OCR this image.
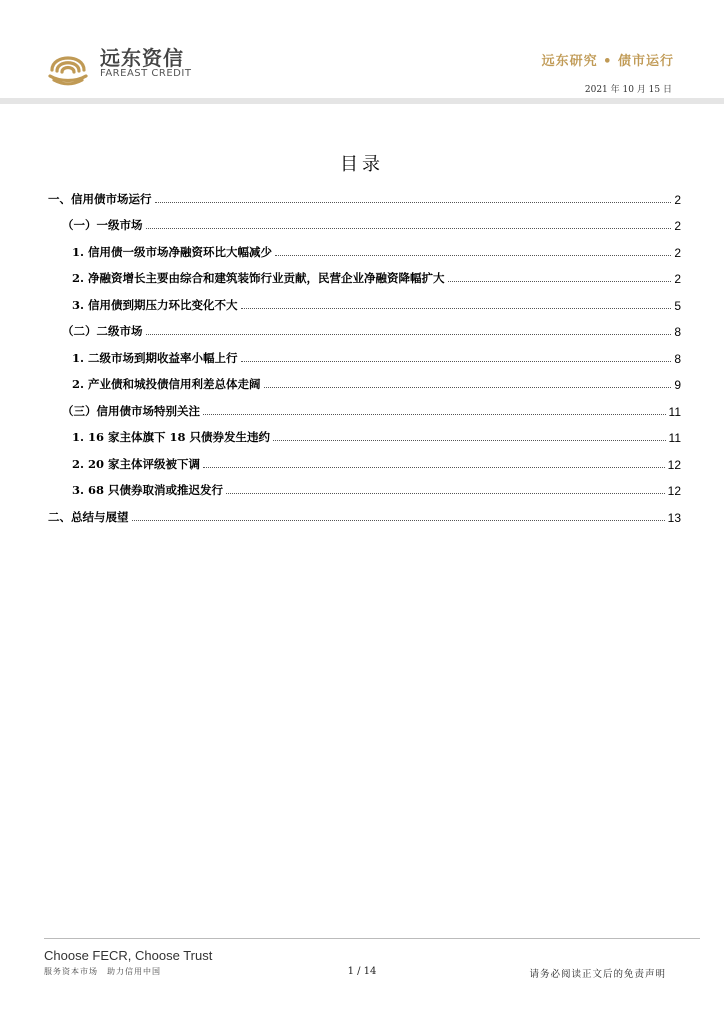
远东资信
FAREAST CREDIT
远东研究 • 债市运行
2021 年 10 月 15 日
目录
一、信用债市场运行	2
（一）一级市场	2
1. 信用债一级市场净融资环比大幅减少	2
2. 净融资增长主要由综合和建筑装饰行业贡献，民营企业净融资降幅扩大	2
3. 信用债到期压力环比变化不大	5
（二）二级市场	8
1. 二级市场到期收益率小幅上行	8
2. 产业债和城投债信用利差总体走阔	9
（三）信用债市场特别关注	11
1. 16 家主体旗下 18 只债券发生违约	11
2. 20 家主体评级被下调	12
3. 68 只债券取消或推迟发行	12
二、总结与展望	13
Choose FECR, Choose Trust
服务资本市场　助力信用中国	1 / 14	请务必阅读正文后的免责声明
